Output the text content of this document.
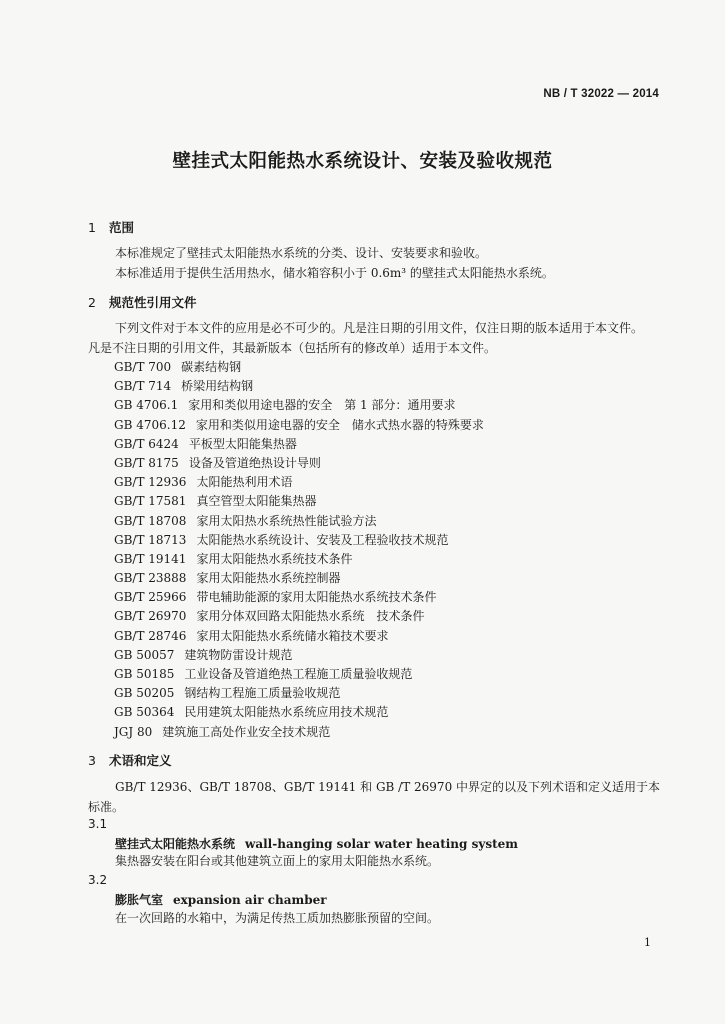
NB / T 32022 — 2014
壁挂式太阳能热水系统设计、安装及验收规范
1 范围
本标准规定了壁挂式太阳能热水系统的分类、设计、安装要求和验收。
本标准适用于提供生活用热水，储水箱容积小于 0.6m³ 的壁挂式太阳能热水系统。
2 规范性引用文件
下列文件对于本文件的应用是必不可少的。凡是注日期的引用文件，仅注日期的版本适用于本文件。
凡是不注日期的引用文件，其最新版本（包括所有的修改单）适用于本文件。
GB/T 700 碳素结构钢
GB/T 714 桥梁用结构钢
GB 4706.1 家用和类似用途电器的安全　第 1 部分：通用要求
GB 4706.12 家用和类似用途电器的安全　储水式热水器的特殊要求
GB/T 6424 平板型太阳能集热器
GB/T 8175 设备及管道绝热设计导则
GB/T 12936 太阳能热利用术语
GB/T 17581 真空管型太阳能集热器
GB/T 18708 家用太阳热水系统热性能试验方法
GB/T 18713 太阳能热水系统设计、安装及工程验收技术规范
GB/T 19141 家用太阳能热水系统技术条件
GB/T 23888 家用太阳能热水系统控制器
GB/T 25966 带电辅助能源的家用太阳能热水系统技术条件
GB/T 26970 家用分体双回路太阳能热水系统　技术条件
GB/T 28746 家用太阳能热水系统储水箱技术要求
GB 50057 建筑物防雷设计规范
GB 50185 工业设备及管道绝热工程施工质量验收规范
GB 50205 钢结构工程施工质量验收规范
GB 50364 民用建筑太阳能热水系统应用技术规范
JGJ 80 建筑施工高处作业安全技术规范
3 术语和定义
GB/T 12936、GB/T 18708、GB/T 19141 和 GB /T 26970 中界定的以及下列术语和定义适用于本
标准。
3.1
壁挂式太阳能热水系统 wall-hanging solar water heating system
集热器安装在阳台或其他建筑立面上的家用太阳能热水系统。
3.2
膨胀气室 expansion air chamber
在一次回路的水箱中，为满足传热工质加热膨胀预留的空间。
1
